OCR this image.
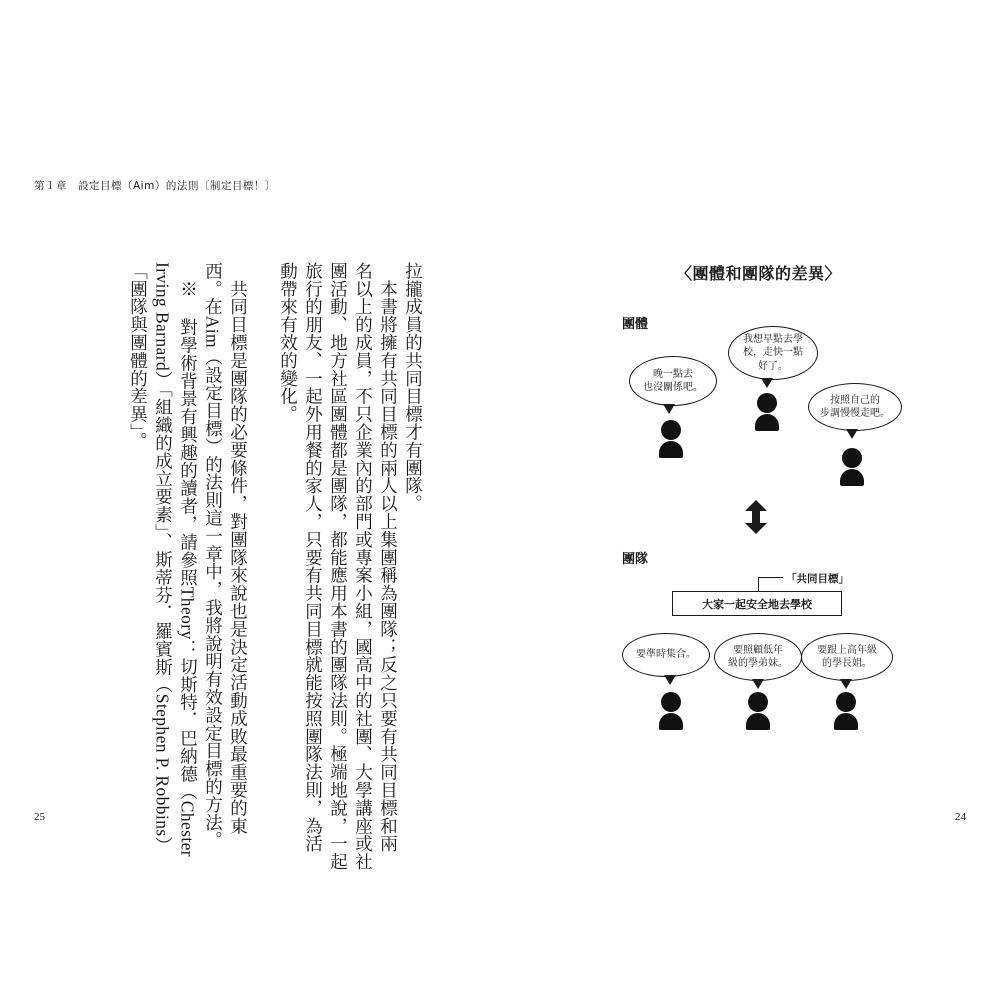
第１章　設定目標（Aim）的法則〔制定目標！〕
25	24
拉攏成員的共同目標才有團隊。
　本書將擁有共同目標的兩人以上集團稱為團隊；反之只要有共同目標和兩
名以上的成員，不只企業內的部門或專案小組，國高中的社團、大學講座或社
團活動、地方社區團體都是團隊，都能應用本書的團隊法則。極端地說，一起
旅行的朋友、一起外用餐的家人，只要有共同目標就能按照團隊法則，為活
動帶來有效的變化。
　共同目標是團隊的必要條件，對團隊來說也是決定活動成敗最重要的東
西。在Aim（設定目標）的法則這一章中，我將說明有效設定目標的方法。
　※ 對學術背景有興趣的讀者，請參照Theory：切斯特．巴納德（Chester
Irving Barnard）「組織的成立要素」、斯蒂芬．羅賓斯（Stephen P. Robbins）
「團隊與團體的差異」。	〈團體和團隊的差異〉
團體
晚一點去
也沒關係吧。
我想早點去學
校，走快一點
好了。
按照自己的
步調慢慢走吧。
團隊
「共同目標」
大家一起安全地去學校
要準時集合。	要照顧低年
級的學弟妹。
要跟上高年級
的學長姐。
